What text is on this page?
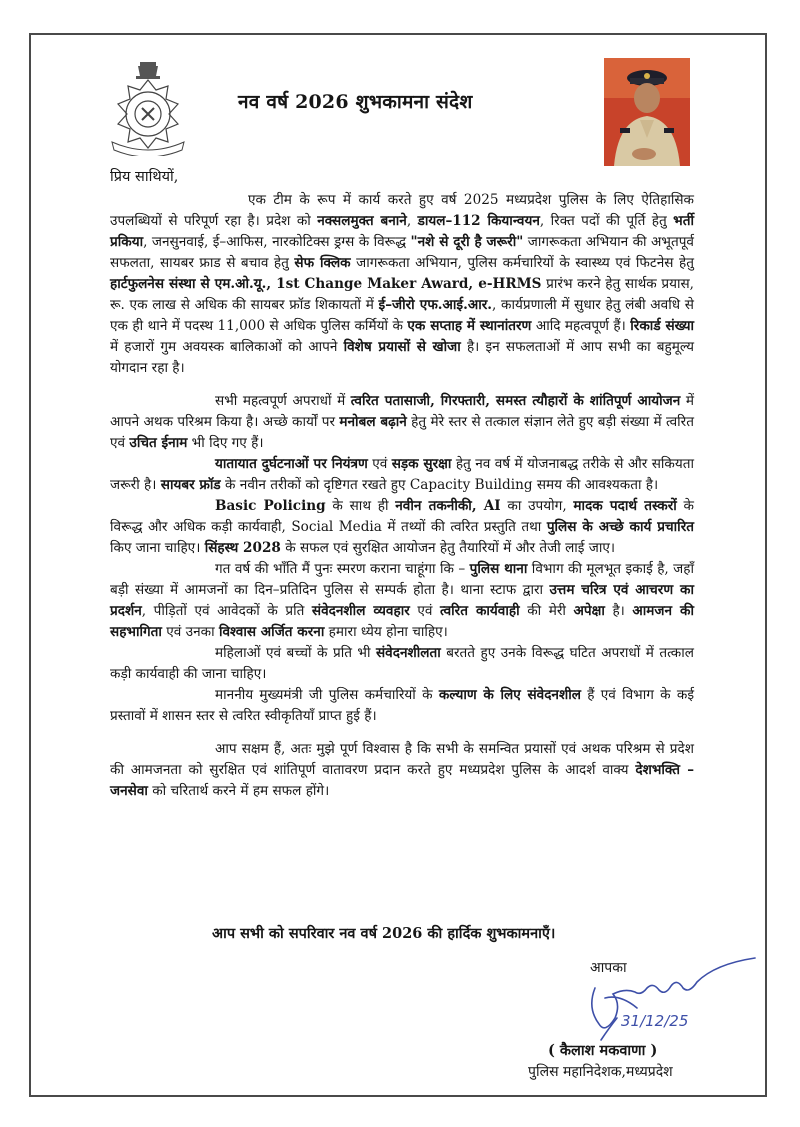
नव वर्ष 2026 शुभकामना संदेश
प्रिय साथियों,

एक टीम के रूप में कार्य करते हुए वर्ष 2025 मध्यप्रदेश पुलिस के लिए ऐतिहासिक उपलब्धियों से परिपूर्ण रहा है। प्रदेश को नक्सलमुक्त बनाने, डायल–112 कियान्वयन, रिक्त पदों की पूर्ति हेतु भर्ती प्रकिया, जनसुनवाई, ई–आफिस, नारकोटिक्स ड्रग्स के विरूद्ध "नशे से दूरी है जरूरी" जागरूकता अभियान की अभूतपूर्व सफलता, सायबर फ्राड से बचाव हेतु सेफ क्लिक जागरूकता अभियान, पुलिस कर्मचारियों के स्वास्थ्य एवं फिटनेस हेतु हार्टफुलनेस संस्था से एम.ओ.यू., 1st Change Maker Award, e-HRMS प्रारंभ करने हेतु सार्थक प्रयास, रू. एक लाख से अधिक की सायबर फ्रॉड शिकायतों में ई–जीरो एफ.आई.आर., कार्यप्रणाली में सुधार हेतु लंबी अवधि से एक ही थाने में पदस्थ 11,000 से अधिक पुलिस कर्मियों के एक सप्ताह में स्थानांतरण आदि महत्वपूर्ण हैं। रिकार्ड संख्या में हजारों गुम अवयस्क बालिकाओं को आपने विशेष प्रयासों से खोजा है। इन सफलताओं में आप सभी का बहुमूल्य योगदान रहा है।

सभी महत्वपूर्ण अपराधों में त्वरित पतासाजी, गिरफ्तारी, समस्त त्यौहारों के शांतिपूर्ण आयोजन में आपने अथक परिश्रम किया है। अच्छे कार्यों पर मनोबल बढ़ाने हेतु मेरे स्तर से तत्काल संज्ञान लेते हुए बड़ी संख्या में त्वरित एवं उचित ईनाम भी दिए गए हैं।

यातायात दुर्घटनाओं पर नियंत्रण एवं सड़क सुरक्षा हेतु नव वर्ष में योजनाबद्ध तरीके से और सकियता जरूरी है। सायबर फ्रॉड के नवीन तरीकों को दृष्टिगत रखते हुए Capacity Building समय की आवश्यकता है।

Basic Policing के साथ ही नवीन तकनीकी, AI का उपयोग, मादक पदार्थ तस्करों के विरूद्ध और अधिक कड़ी कार्यवाही, Social Media में तथ्यों की त्वरित प्रस्तुति तथा पुलिस के अच्छे कार्य प्रचारित किए जाना चाहिए। सिंहस्थ 2028 के सफल एवं सुरक्षित आयोजन हेतु तैयारियों में और तेजी लाई जाए।

गत वर्ष की भाँति मैं पुनः स्मरण कराना चाहूंगा कि – पुलिस थाना विभाग की मूलभूत इकाई है, जहाँ बड़ी संख्या में आमजनों का दिन–प्रतिदिन पुलिस से सम्पर्क होता है। थाना स्टाफ द्वारा उत्तम चरित्र एवं आचरण का प्रदर्शन, पीड़ितों एवं आवेदकों के प्रति संवेदनशील व्यवहार एवं त्वरित कार्यवाही की मेरी अपेक्षा है। आमजन की सहभागिता एवं उनका विश्वास अर्जित करना हमारा ध्येय होना चाहिए।

महिलाओं एवं बच्चों के प्रति भी संवेदनशीलता बरतते हुए उनके विरूद्ध घटित अपराधों में तत्काल कड़ी कार्यवाही की जाना चाहिए।

माननीय मुख्यमंत्री जी पुलिस कर्मचारियों के कल्याण के लिए संवेदनशील हैं एवं विभाग के कई प्रस्तावों में शासन स्तर से त्वरित स्वीकृतियाँ प्राप्त हुई हैं।

आप सक्षम हैं, अतः मुझे पूर्ण विश्वास है कि सभी के समन्वित प्रयासों एवं अथक परिश्रम से प्रदेश की आमजनता को सुरक्षित एवं शांतिपूर्ण वातावरण प्रदान करते हुए मध्यप्रदेश पुलिस के आदर्श वाक्य देशभक्ति – जनसेवा को चरितार्थ करने में हम सफल होंगे।

आप सभी को सपरिवार नव वर्ष 2026 की हार्दिक शुभकामनाएँ।
आपका
31/12/25
( कैलाश मकवाणा )
पुलिस महानिदेशक,मध्यप्रदेश
